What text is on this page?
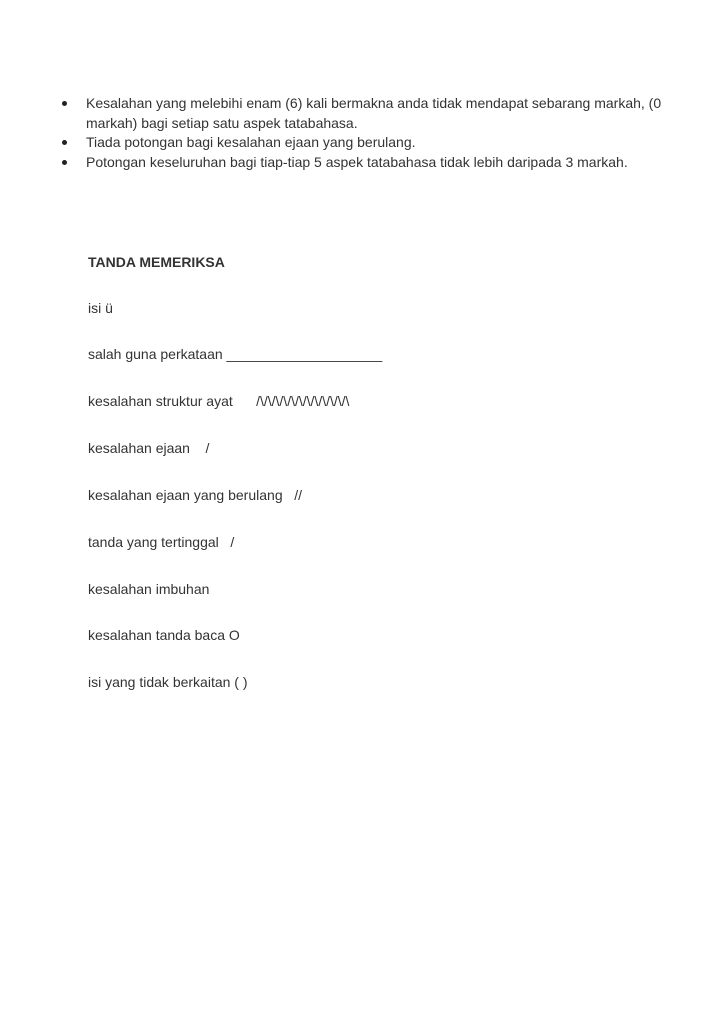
Kesalahan yang melebihi enam (6) kali bermakna anda tidak mendapat sebarang markah, (0 markah) bagi setiap satu aspek tatabahasa.
Tiada potongan bagi kesalahan ejaan yang berulang.
Potongan keseluruhan bagi tiap-tiap 5 aspek tatabahasa tidak lebih daripada 3 markah.
TANDA MEMERIKSA
isi ü
salah guna perkataan ____________________
kesalahan struktur ayat      /\/\/\/\/\/\/\/\/\/\/\/\
kesalahan ejaan    /
kesalahan ejaan yang berulang   //
tanda yang tertinggal   /
kesalahan imbuhan
kesalahan tanda baca O
isi yang tidak berkaitan ( )
